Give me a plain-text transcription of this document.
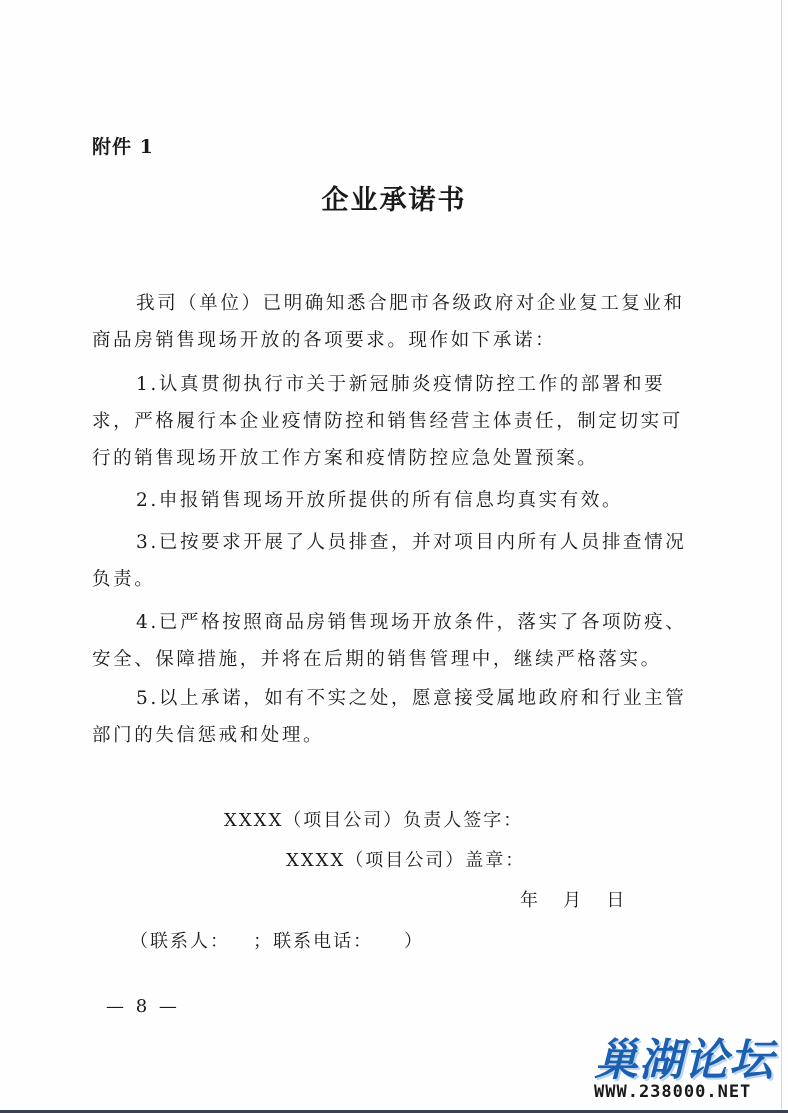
附件 1
企业承诺书
我司（单位）已明确知悉合肥市各级政府对企业复工复业和
商品房销售现场开放的各项要求。现作如下承诺：
1.认真贯彻执行市关于新冠肺炎疫情防控工作的部署和要
求，严格履行本企业疫情防控和销售经营主体责任，制定切实可
行的销售现场开放工作方案和疫情防控应急处置预案。
2.申报销售现场开放所提供的所有信息均真实有效。
3.已按要求开展了人员排查，并对项目内所有人员排查情况
负责。
4.已严格按照商品房销售现场开放条件，落实了各项防疫、
安全、保障措施，并将在后期的销售管理中，继续严格落实。
5.以上承诺，如有不实之处，愿意接受属地政府和行业主管
部门的失信惩戒和处理。
XXXX（项目公司）负责人签字：
XXXX（项目公司）盖章：
年   月   日
（联系人：   ；联系电话：    ）
— 8 —
巢湖论坛
WWW.238000.NET
